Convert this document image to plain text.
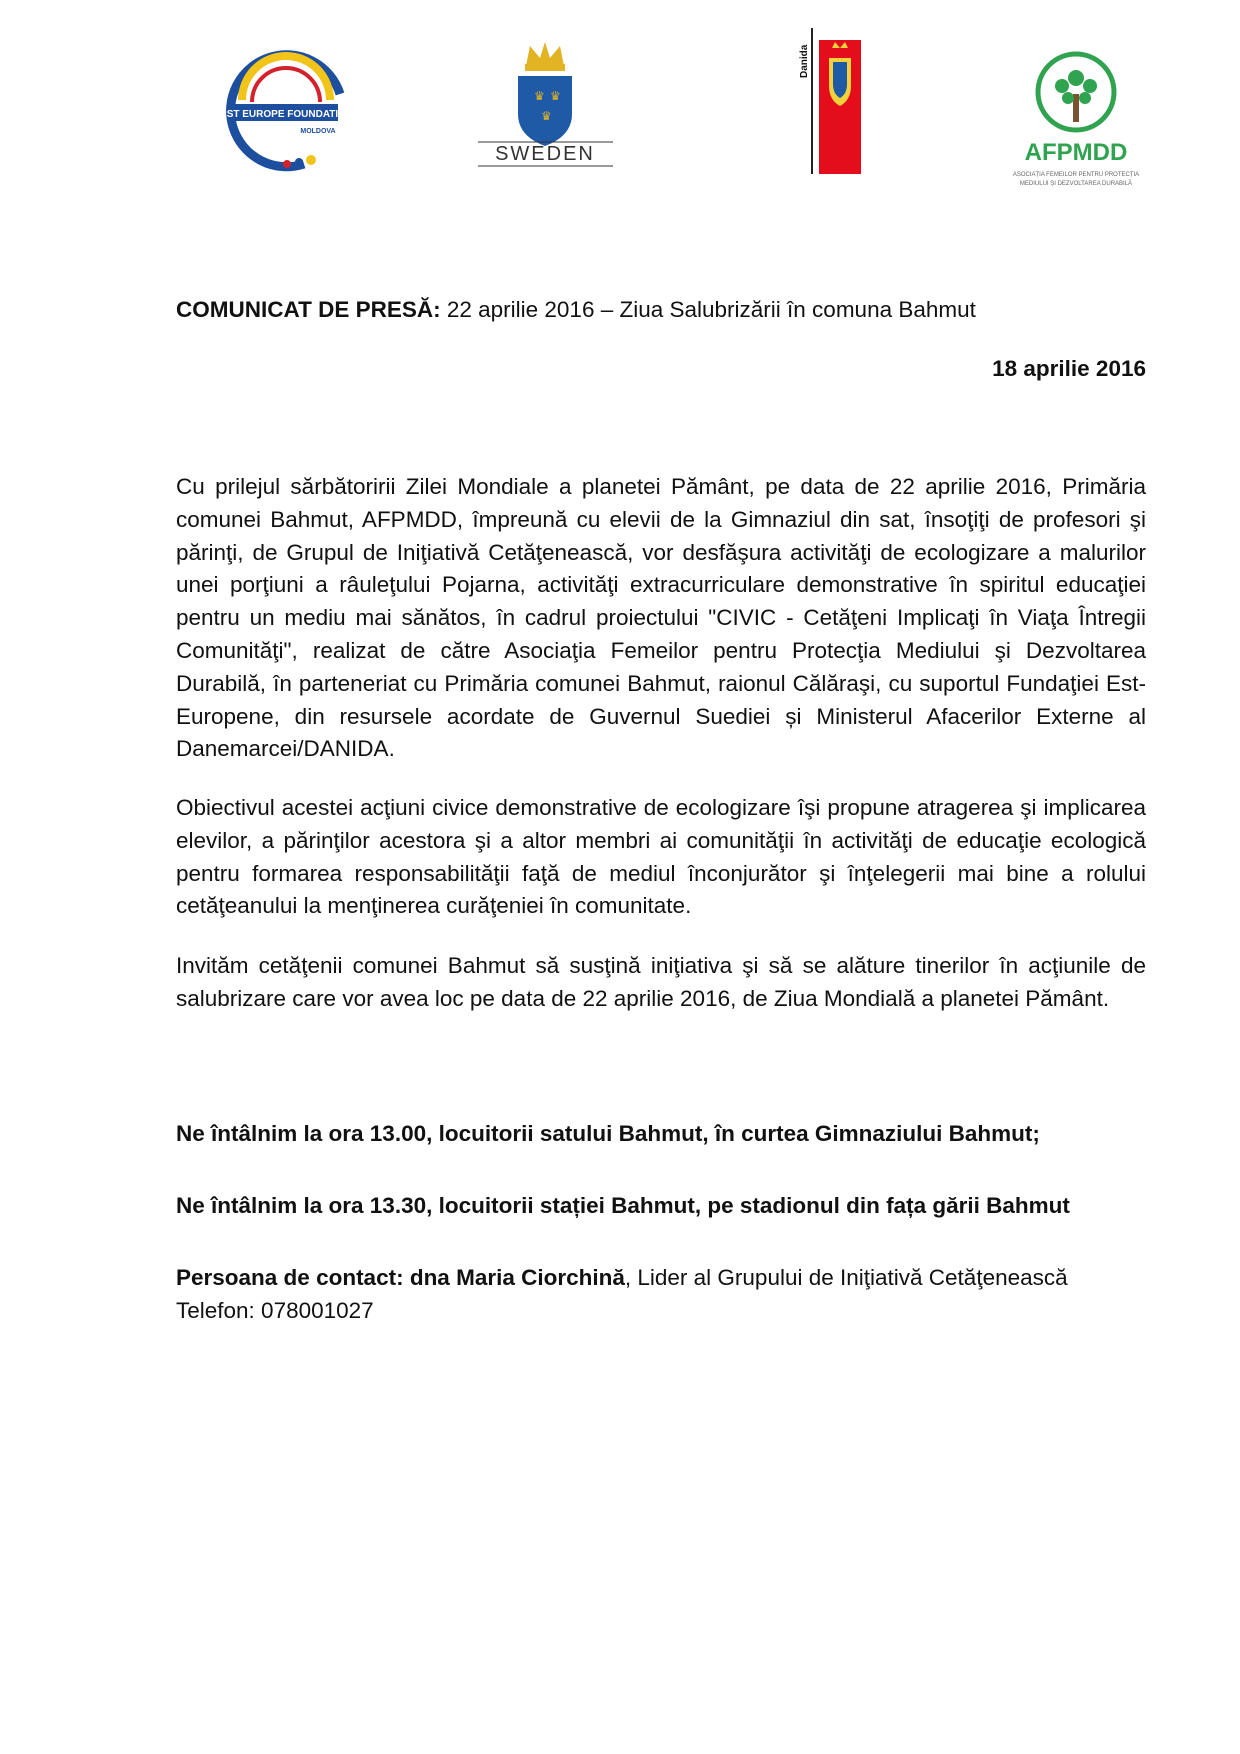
EAST EUROPE FOUNDATION
MOLDOVA
♛ ♛
♛
SWEDEN
Danida
AFPMDD
ASOCIAȚIA FEMEILOR PENTRU PROTECȚIA
MEDIULUI ȘI DEZVOLTAREA DURABILĂ
COMUNICAT DE PRESĂ: 22 aprilie 2016 – Ziua Salubrizării în comuna Bahmut
18 aprilie 2016
Cu prilejul sărbătoririi Zilei Mondiale a planetei Pământ, pe data de 22 aprilie 2016, Primăria comunei Bahmut, AFPMDD, împreună cu elevii de la Gimnaziul din sat, însoţiţi de profesori şi părinţi, de Grupul de Iniţiativă Cetăţenească, vor desfăşura activităţi de ecologizare a malurilor unei porţiuni a râuleţului Pojarna, activităţi extracurriculare demonstrative în spiritul educaţiei pentru un mediu mai sănătos, în cadrul proiectului "CIVIC - Cetăţeni Implicaţi în Viaţa Întregii Comunităţi", realizat de către Asociaţia Femeilor pentru Protecţia Mediului şi Dezvoltarea Durabilă, în parteneriat cu Primăria comunei Bahmut, raionul Călăraşi, cu suportul Fundaţiei Est-Europene, din resursele acordate de Guvernul Suediei și Ministerul Afacerilor Externe al Danemarcei/DANIDA.
Obiectivul acestei acţiuni civice demonstrative de ecologizare îşi propune atragerea şi implicarea elevilor, a părinţilor acestora şi a altor membri ai comunităţii în activităţi de educaţie ecologică pentru formarea responsabilităţii faţă de mediul înconjurător şi înţelegerii mai bine a rolului cetăţeanului la menţinerea curăţeniei în comunitate.
Invităm cetăţenii comunei Bahmut să susţină iniţiativa şi să se alăture tinerilor în acţiunile de salubrizare care vor avea loc pe data de 22 aprilie 2016, de Ziua Mondială a planetei Pământ.
Ne întâlnim la ora 13.00, locuitorii satului Bahmut, în curtea Gimnaziului Bahmut;
Ne întâlnim la ora 13.30, locuitorii stației Bahmut, pe stadionul din fața gării Bahmut
Persoana de contact: dna Maria Ciorchină, Lider al Grupului de Iniţiativă Cetăţenească
Telefon: 078001027
